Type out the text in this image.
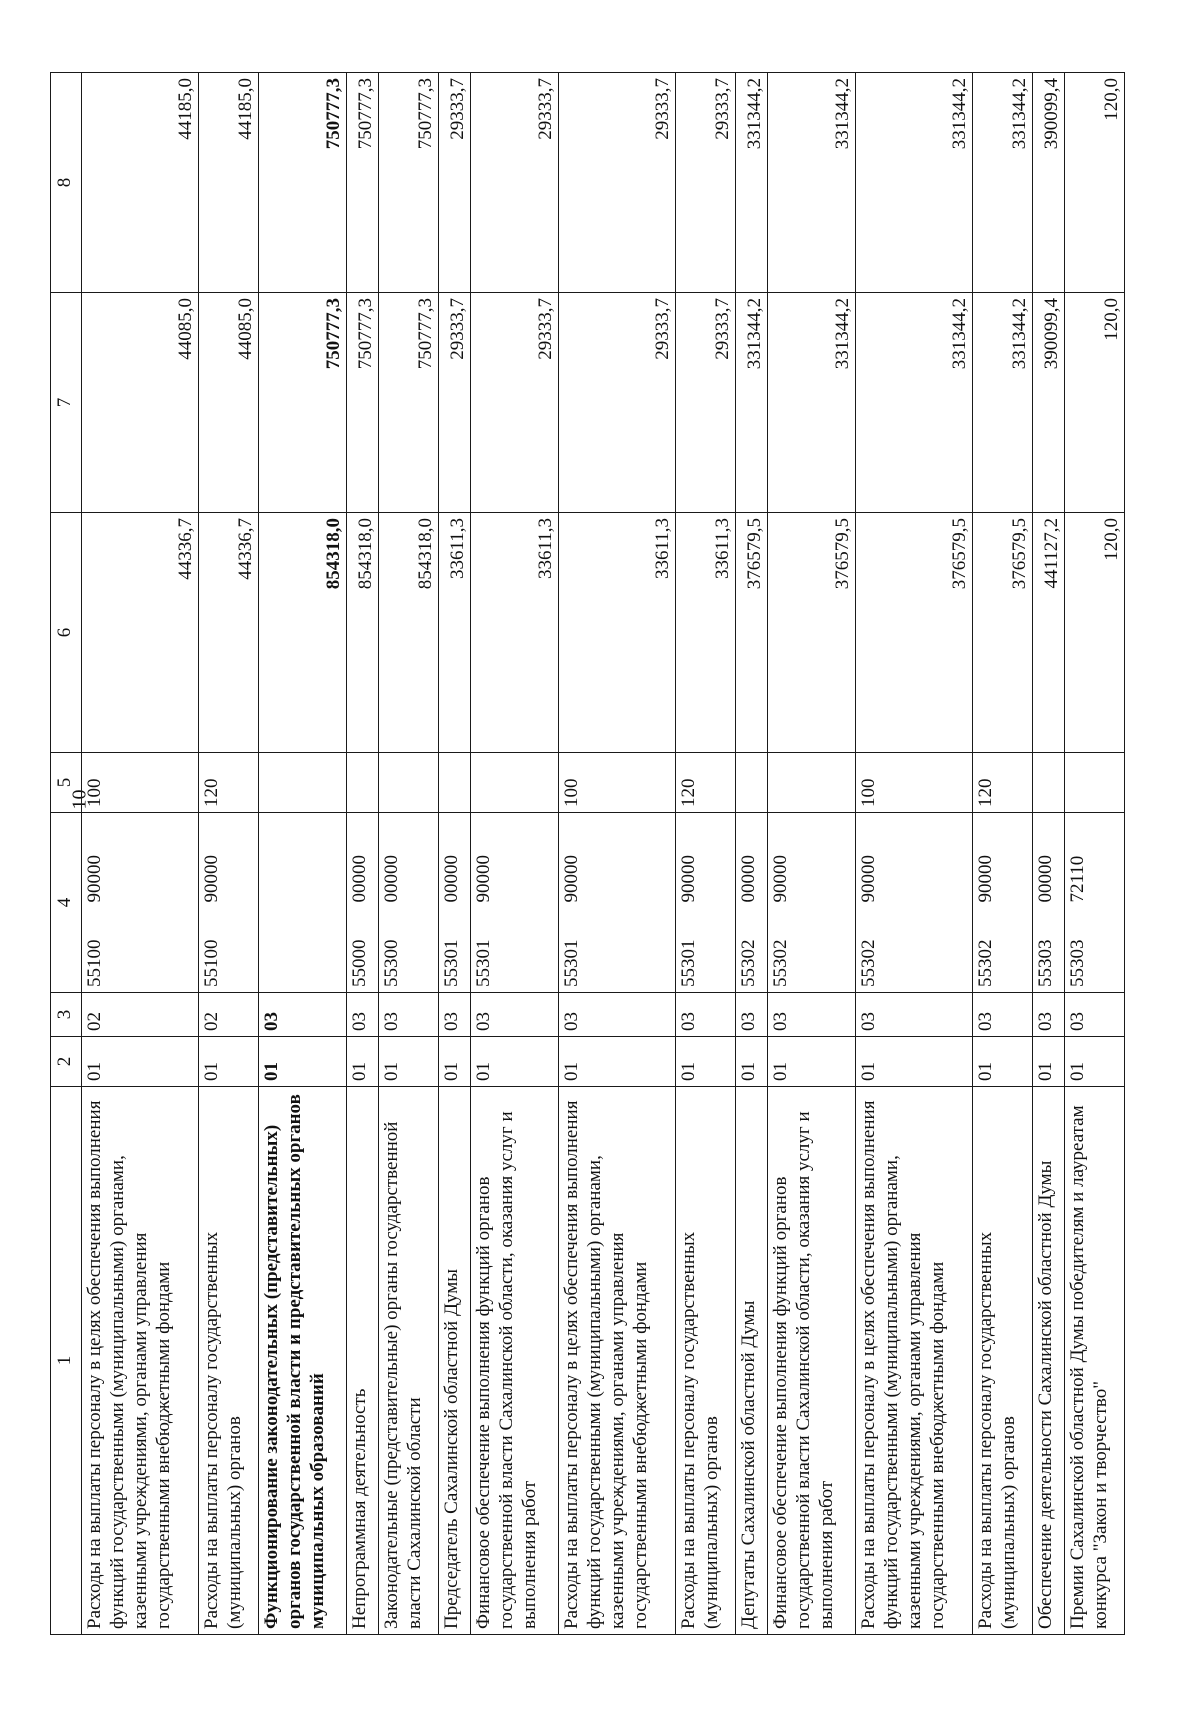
10
1	2	3	4	5	6	7	8
Расходы на выплаты персоналу в целях обеспечения выполнения функций государственными (муниципальными) органами, казенными учреждениями, органами управления государственными внебюджетными фондами	01	02	5510090000	100	44336,7	44085,0	44185,0
Расходы на выплаты персоналу государственных (муниципальных) органов	01	02	5510090000	120	44336,7	44085,0	44185,0
Функционирование законодательных (представительных) органов государственной власти и представительных органов муниципальных образований	01	03			854318,0	750777,3	750777,3
Непрограммная деятельность	01	03	5500000000		854318,0	750777,3	750777,3
Законодательные (представительные) органы государственной власти Сахалинской области	01	03	5530000000		854318,0	750777,3	750777,3
Председатель Сахалинской областной Думы	01	03	5530100000		33611,3	29333,7	29333,7
Финансовое обеспечение выполнения функций органов государственной власти Сахалинской области, оказания услуг и выполнения работ	01	03	5530190000		33611,3	29333,7	29333,7
Расходы на выплаты персоналу в целях обеспечения выполнения функций государственными (муниципальными) органами, казенными учреждениями, органами управления государственными внебюджетными фондами	01	03	5530190000	100	33611,3	29333,7	29333,7
Расходы на выплаты персоналу государственных (муниципальных) органов	01	03	5530190000	120	33611,3	29333,7	29333,7
Депутаты Сахалинской областной Думы	01	03	5530200000		376579,5	331344,2	331344,2
Финансовое обеспечение выполнения функций органов государственной власти Сахалинской области, оказания услуг и выполнения работ	01	03	5530290000		376579,5	331344,2	331344,2
Расходы на выплаты персоналу в целях обеспечения выполнения функций государственными (муниципальными) органами, казенными учреждениями, органами управления государственными внебюджетными фондами	01	03	5530290000	100	376579,5	331344,2	331344,2
Расходы на выплаты персоналу государственных (муниципальных) органов	01	03	5530290000	120	376579,5	331344,2	331344,2
Обеспечение деятельности Сахалинской областной Думы	01	03	5530300000		441127,2	390099,4	390099,4
Премии Сахалинской областной Думы победителям и лауреатам конкурса "Закон и творчество"	01	03	5530372110		120,0	120,0	120,0
